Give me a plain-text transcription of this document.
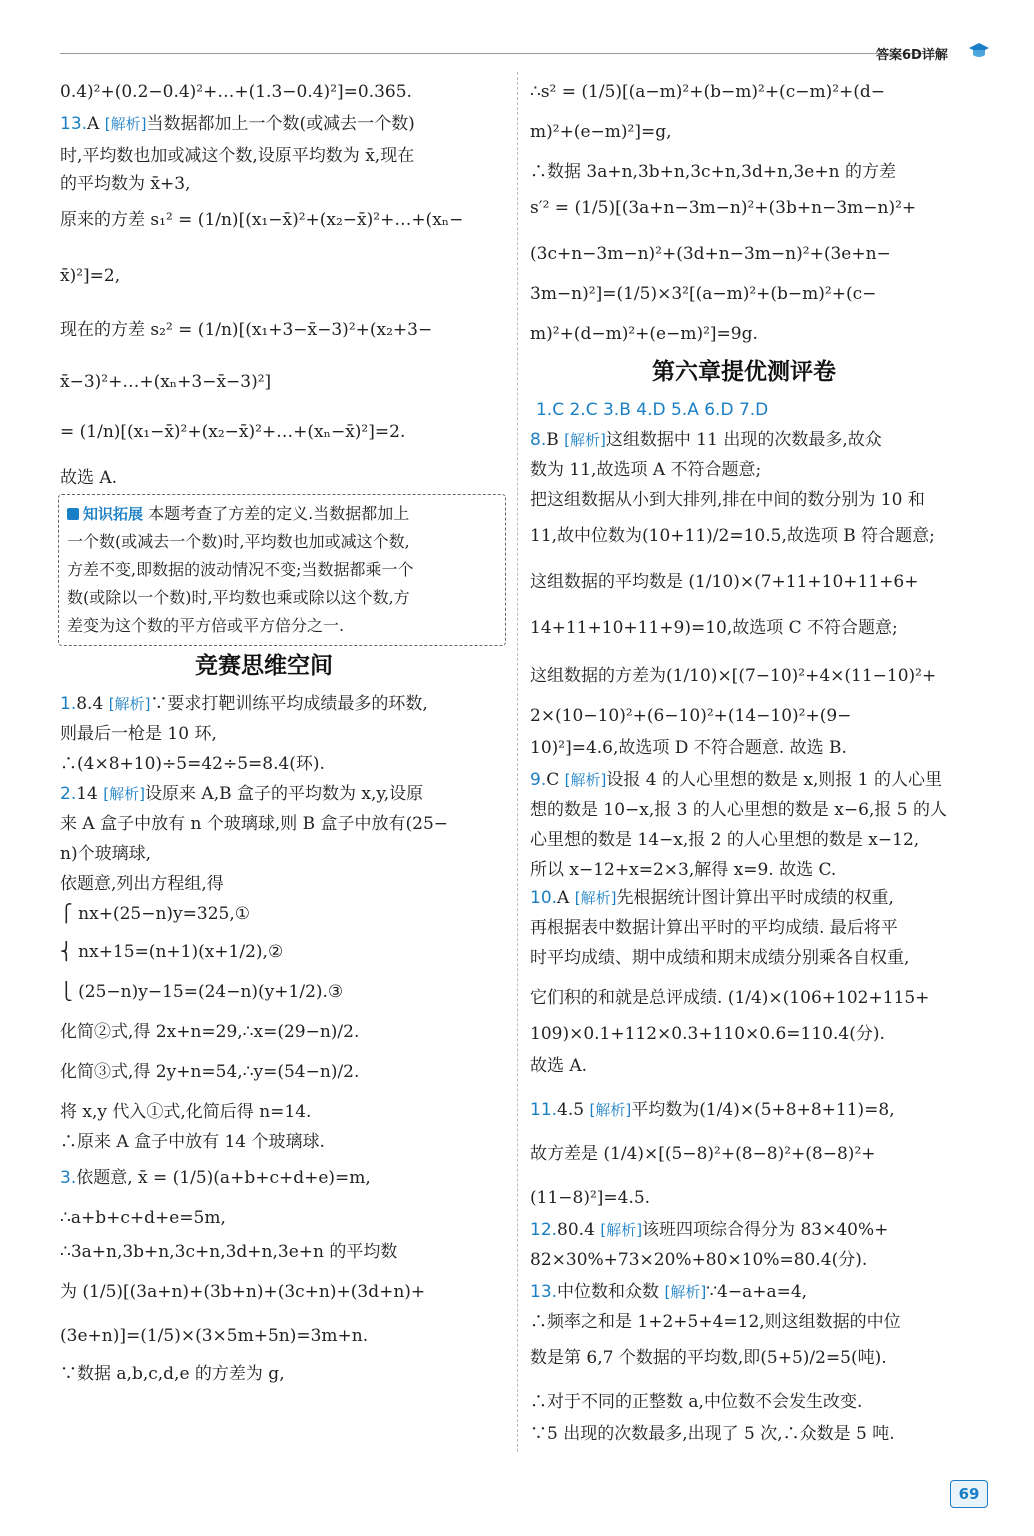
答案6D详解
0.4)²+(0.2−0.4)²+…+(1.3−0.4)²]=0.365.
13.A [ 解析 ] 当数据都加上一个数(或减去一个数)
时,平均数也加或减这个数,设原平均数为 x̄,现在
的平均数为 x̄+3,
原来的方差 s₁² = (1/n)[(x₁−x̄)²+(x₂−x̄)²+…+(xₙ−
x̄)²]=2,
现在的方差 s₂² = (1/n)[(x₁+3−x̄−3)²+(x₂+3−
x̄−3)²+…+(xₙ+3−x̄−3)²]
= (1/n)[(x₁−x̄)²+(x₂−x̄)²+…+(xₙ−x̄)²]=2.
故选 A.
竞赛思维空间
1.8.4 [ 解析 ] ∵要求打靶训练平均成绩最多的环数,
则最后一枪是 10 环,
∴(4×8+10)÷5=42÷5=8.4(环).
2.14 [ 解析 ] 设原来 A,B 盒子的平均数为 x,y,设原
来 A 盒子中放有 n 个玻璃球,则 B 盒子中放有(25−
n)个玻璃球,
依题意,列出方程组,得
⎧ nx+(25−n)y=325,①
⎨ nx+15=(n+1)(x+1/2),②
⎩ (25−n)y−15=(24−n)(y+1/2).③
化简②式,得 2x+n=29,∴x=(29−n)/2.
化简③式,得 2y+n=54,∴y=(54−n)/2.
将 x,y 代入①式,化简后得 n=14.
∴原来 A 盒子中放有 14 个玻璃球.
3.依题意, x̄ = (1/5)(a+b+c+d+e)=m,
∴a+b+c+d+e=5m,
∴3a+n,3b+n,3c+n,3d+n,3e+n 的平均数
为 (1/5)[(3a+n)+(3b+n)+(3c+n)+(3d+n)+
(3e+n)]=(1/5)×(3×5m+5n)=3m+n.
∵数据 a,b,c,d,e 的方差为 g,
∴s² = (1/5)[(a−m)²+(b−m)²+(c−m)²+(d−
m)²+(e−m)²]=g,
∴数据 3a+n,3b+n,3c+n,3d+n,3e+n 的方差
s′² = (1/5)[(3a+n−3m−n)²+(3b+n−3m−n)²+
(3c+n−3m−n)²+(3d+n−3m−n)²+(3e+n−
3m−n)²]=(1/5)×3²[(a−m)²+(b−m)²+(c−
m)²+(d−m)²+(e−m)²]=9g.
第六章提优测评卷
1.C 2.C 3.B 4.D 5.A 6.D 7.D
8.B [ 解析 ] 这组数据中 11 出现的次数最多,故众
数为 11,故选项 A 不符合题意;
把这组数据从小到大排列,排在中间的数分别为 10 和
11,故中位数为(10+11)/2=10.5,故选项 B 符合题意;
这组数据的平均数是 (1/10)×(7+11+10+11+6+
14+11+10+11+9)=10,故选项 C 不符合题意;
这组数据的方差为(1/10)×[(7−10)²+4×(11−10)²+
2×(10−10)²+(6−10)²+(14−10)²+(9−
10)²]=4.6,故选项 D 不符合题意. 故选 B.
9.C [ 解析 ] 设报 4 的人心里想的数是 x,则报 1 的人心里
想的数是 10−x,报 3 的人心里想的数是 x−6,报 5 的人
心里想的数是 14−x,报 2 的人心里想的数是 x−12,
所以 x−12+x=2×3,解得 x=9. 故选 C.
10.A [ 解析 ] 先根据统计图计算出平时成绩的权重,
再根据表中数据计算出平时的平均成绩. 最后将平
时平均成绩、期中成绩和期末成绩分别乘各自权重,
它们积的和就是总评成绩. (1/4)×(106+102+115+
109)×0.1+112×0.3+110×0.6=110.4(分).
故选 A.
11.4.5 [ 解析 ] 平均数为(1/4)×(5+8+8+11)=8,
故方差是 (1/4)×[(5−8)²+(8−8)²+(8−8)²+
(11−8)²]=4.5.
12.80.4 [ 解析 ] 该班四项综合得分为 83×40%+
82×30%+73×20%+80×10%=80.4(分).
13.中位数和众数 [ 解析 ] ∵4−a+a=4,
∴频率之和是 1+2+5+4=12,则这组数据的中位
数是第 6,7 个数据的平均数,即(5+5)/2=5(吨).
∴对于不同的正整数 a,中位数不会发生改变.
∵5 出现的次数最多,出现了 5 次,∴众数是 5 吨.
知识拓展 本题考查了方差的定义.当数据都加上
一个数(或减去一个数)时,平均数也加或减这个数,
方差不变,即数据的波动情况不变;当数据都乘一个
数(或除以一个数)时,平均数也乘或除以这个数,方
差变为这个数的平方倍或平方倍分之一.
69
